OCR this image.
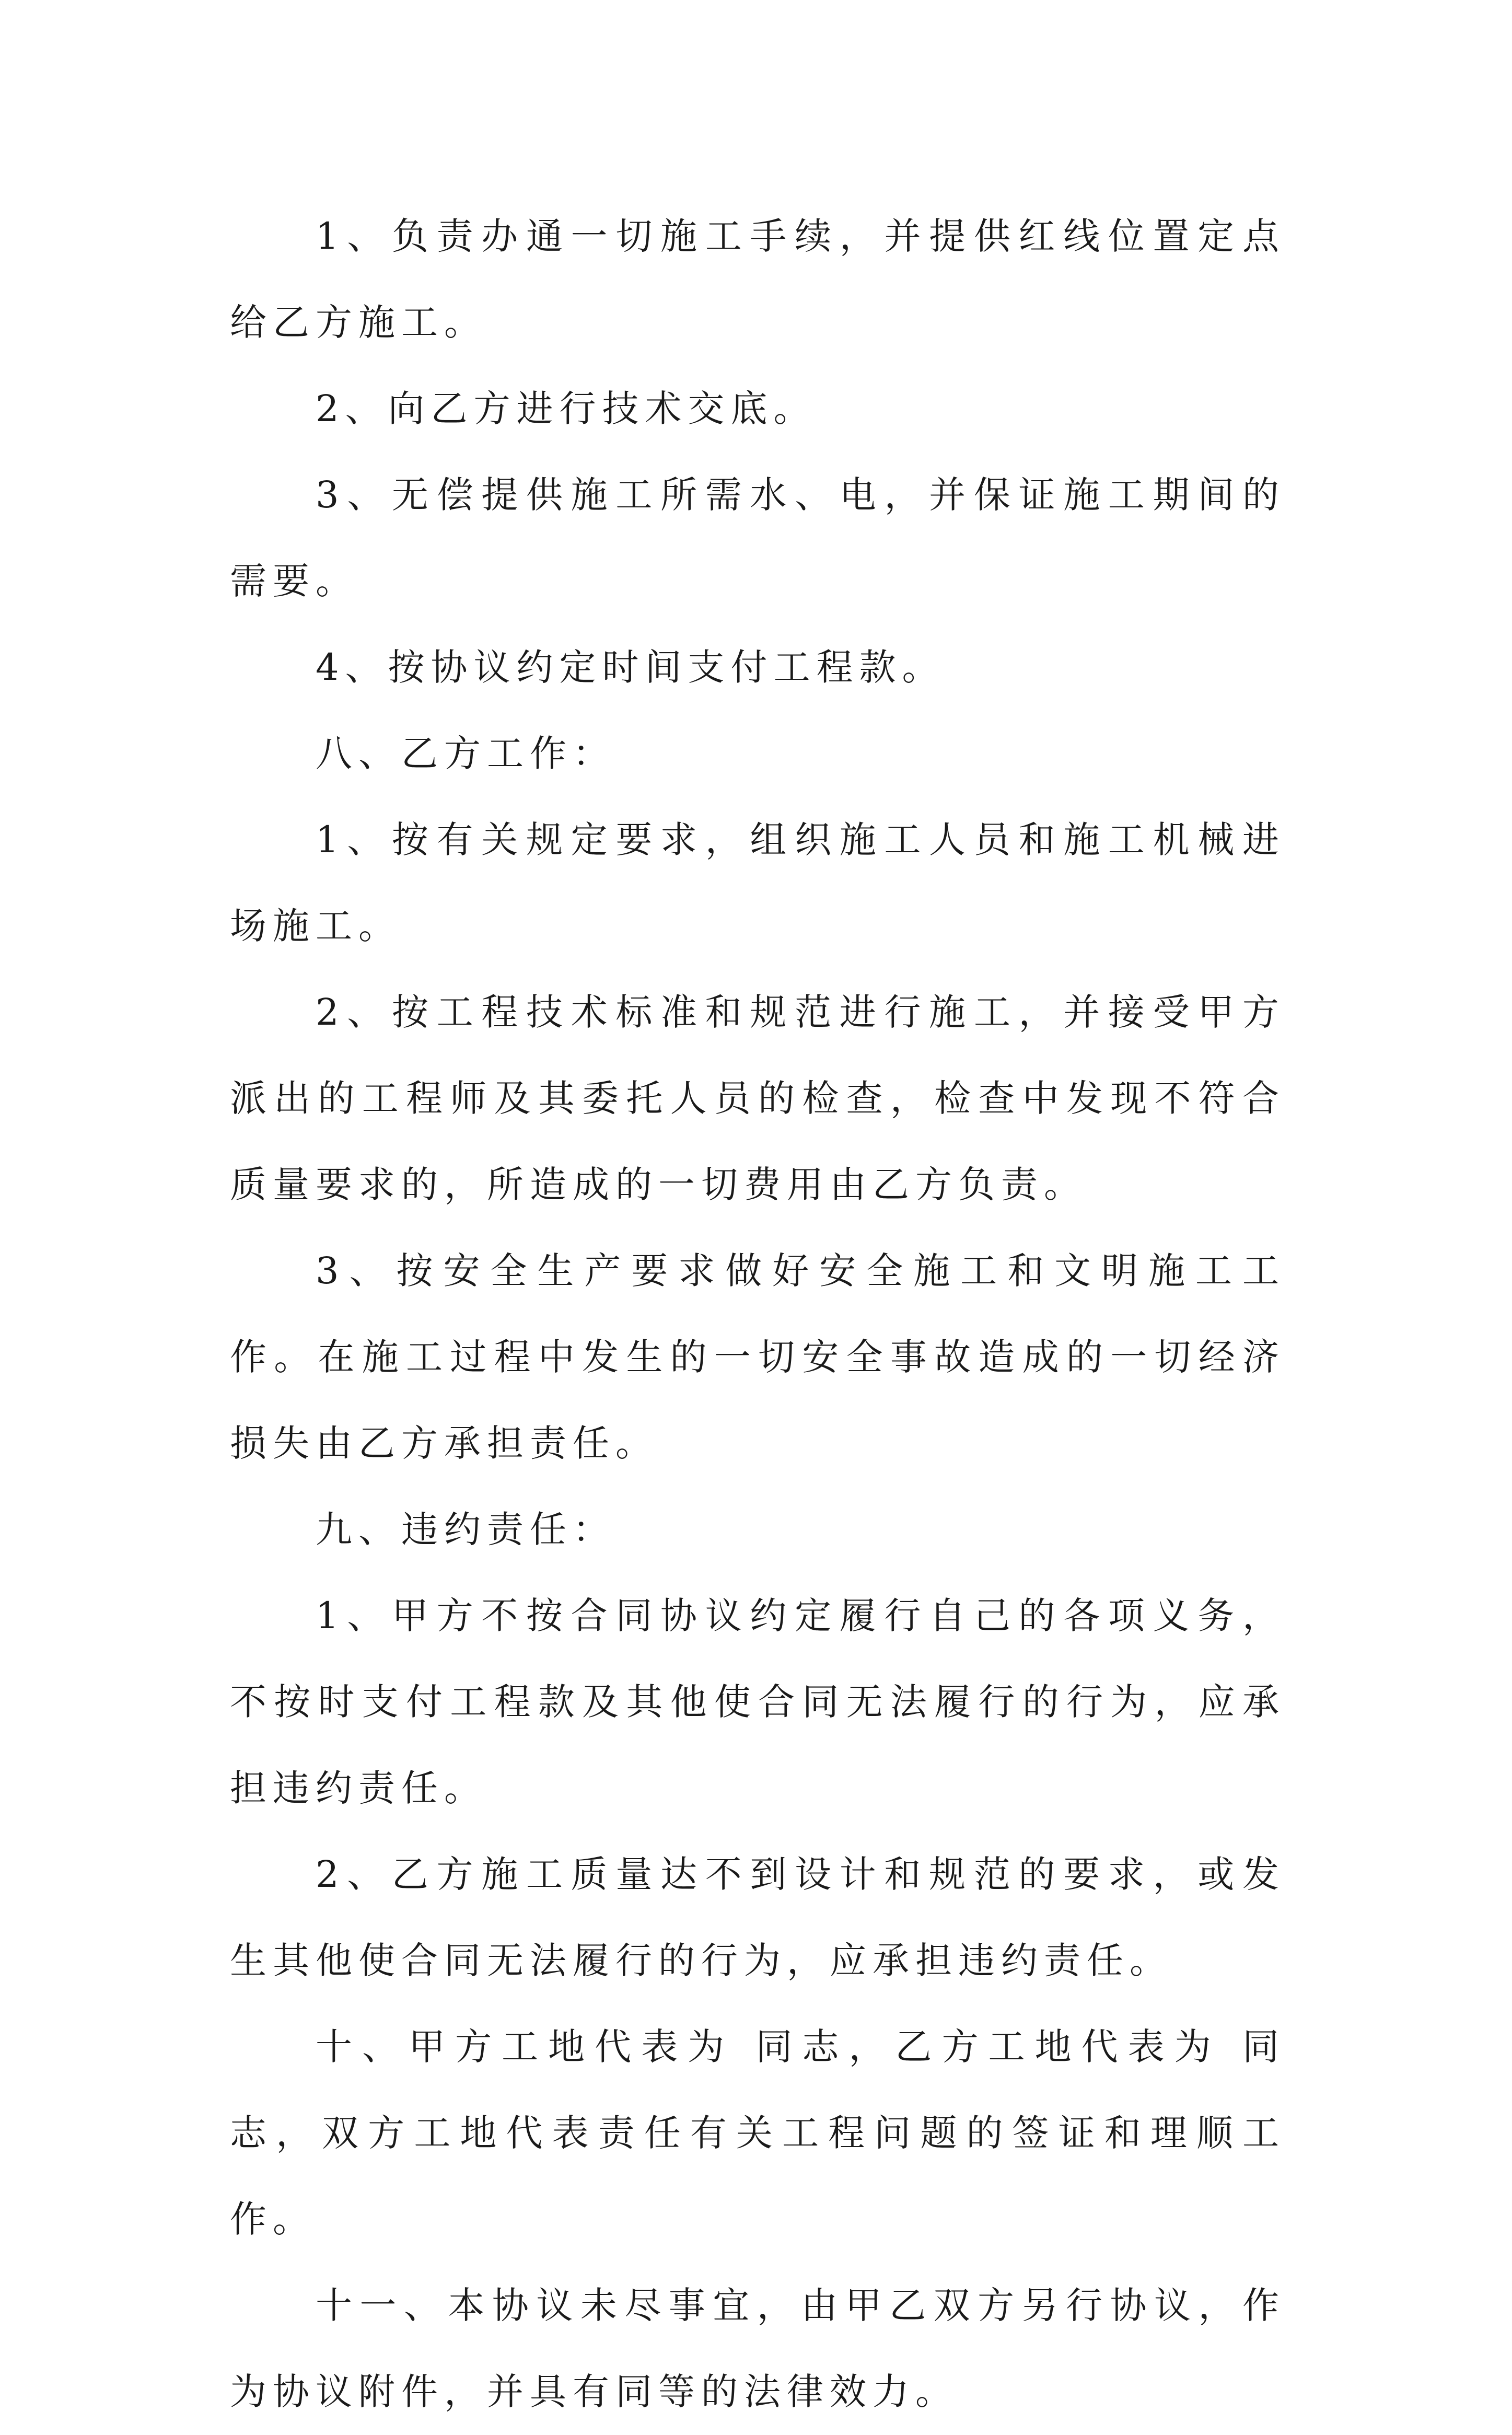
1、负责办通一切施工手续，并提供红线位置定点给乙方施工。

2、向乙方进行技术交底。

3、无偿提供施工所需水、电，并保证施工期间的需要。

4、按协议约定时间支付工程款。

八、乙方工作：

1、按有关规定要求，组织施工人员和施工机械进场施工。

2、按工程技术标准和规范进行施工，并接受甲方派出的工程师及其委托人员的检查，检查中发现不符合质量要求的，所造成的一切费用由乙方负责。

3、按安全生产要求做好安全施工和文明施工工作。在施工过程中发生的一切安全事故造成的一切经济损失由乙方承担责任。

九、违约责任：

1、甲方不按合同协议约定履行自己的各项义务，不按时支付工程款及其他使合同无法履行的行为，应承担违约责任。

2、乙方施工质量达不到设计和规范的要求，或发生其他使合同无法履行的行为，应承担违约责任。

十、甲方工地代表为 同志，乙方工地代表为 同志，双方工地代表责任有关工程问题的签证和理顺工作。

十一、本协议未尽事宜，由甲乙双方另行协议，作为协议附件，并具有同等的法律效力。
